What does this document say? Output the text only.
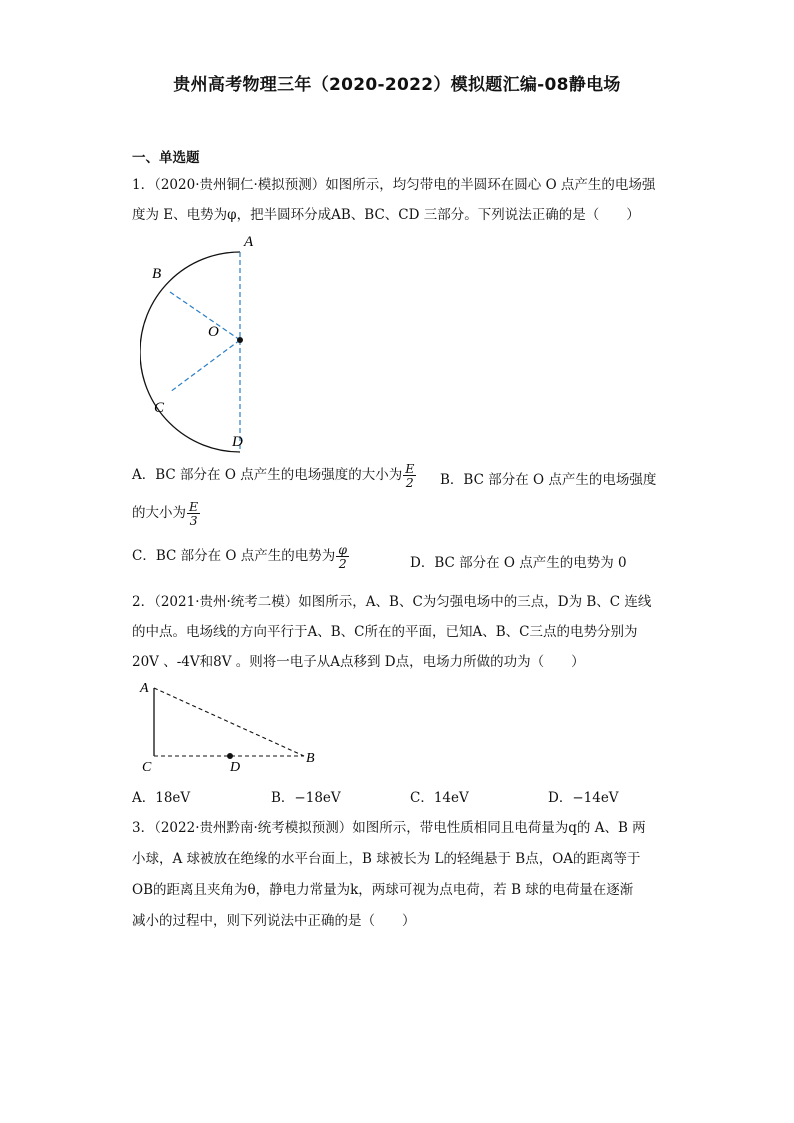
贵州高考物理三年（2020-2022）模拟题汇编-08静电场
一、单选题
1．（2020·贵州铜仁·模拟预测）如图所示，均匀带电的半圆环在圆心 O 点产生的电场强
度为 E、电势为φ，把半圆环分成AB、BC、CD 三部分。下列说法正确的是（　　）
A
B
O
C
D
A．BC 部分在 O 点产生的电场强度的大小为 $\frac{E}{2}$ B．BC 部分在 O 点产生的电场强度
的大小为 $\frac{E}{3}$
C．BC 部分在 O 点产生的电势为 $\frac{\varphi}{2}$	D．BC 部分在 O 点产生的电势为 0
2．（2021·贵州·统考二模）如图所示，A、B、C为匀强电场中的三点，D为 B、C 连线
的中点。电场线的方向平行于A、B、C所在的平面，已知A、B、C三点的电势分别为
20V 、-4V和8V 。则将一电子从A点移到 D点，电场力所做的功为（　　）
A
B
C	D
A．18eV	B．−18eV	C．14eV	D．−14eV
3．（2022·贵州黔南·统考模拟预测）如图所示，带电性质相同且电荷量为q的 A、B 两
小球，A 球被放在绝缘的水平台面上，B 球被长为 L的轻绳悬于 B点，OA的距离等于
OB的距离且夹角为θ，静电力常量为k，两球可视为点电荷，若 B 球的电荷量在逐渐
减小的过程中，则下列说法中正确的是（　　）
